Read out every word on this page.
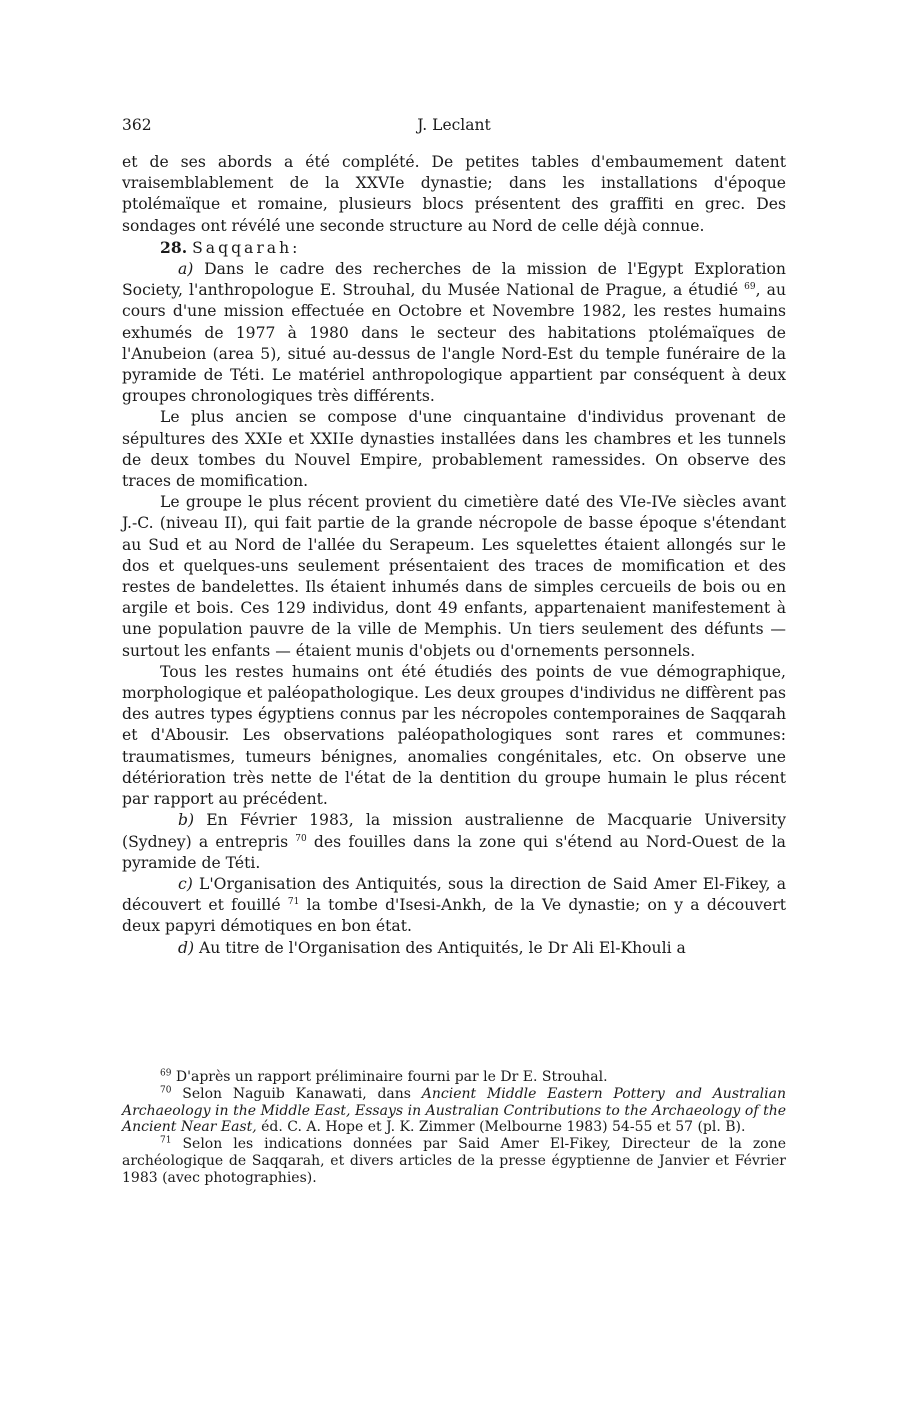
362	J. Leclant

et de ses abords a été complété. De petites tables d'embaumement datent vraisemblablement de la XXVIe dynastie; dans les installations d'époque ptolémaïque et romaine, plusieurs blocs présentent des graffiti en grec. Des sondages ont révélé une seconde structure au Nord de celle déjà connue.

28. Saqqarah:

a) Dans le cadre des recherches de la mission de l'Egypt Exploration Society, l'anthropologue E. Strouhal, du Musée National de Prague, a étudié $^{69}$, au cours d'une mission effectuée en Octobre et Novembre 1982, les restes humains exhumés de 1977 à 1980 dans le secteur des habitations ptolémaïques de l'Anubeion (area 5), situé au-dessus de l'angle Nord-Est du temple funéraire de la pyramide de Téti. Le matériel anthropologique appartient par conséquent à deux groupes chronologiques très différents.

Le plus ancien se compose d'une cinquantaine d'individus provenant de sépultures des XXIe et XXIIe dynasties installées dans les chambres et les tunnels de deux tombes du Nouvel Empire, probablement ramessides. On observe des traces de momification.

Le groupe le plus récent provient du cimetière daté des VIe-IVe siècles avant J.-C. (niveau II), qui fait partie de la grande nécropole de basse époque s'étendant au Sud et au Nord de l'allée du Serapeum. Les squelettes étaient allongés sur le dos et quelques-uns seulement présentaient des traces de momification et des restes de bandelettes. Ils étaient inhumés dans de simples cercueils de bois ou en argile et bois. Ces 129 individus, dont 49 enfants, appartenaient manifestement à une population pauvre de la ville de Memphis. Un tiers seulement des défunts — surtout les enfants — étaient munis d'objets ou d'ornements personnels.

Tous les restes humains ont été étudiés des points de vue démographique, morphologique et paléopathologique. Les deux groupes d'individus ne diffèrent pas des autres types égyptiens connus par les nécropoles contemporaines de Saqqarah et d'Abousir. Les observations paléopathologiques sont rares et communes: traumatismes, tumeurs bénignes, anomalies congénitales, etc. On observe une détérioration très nette de l'état de la dentition du groupe humain le plus récent par rapport au précédent.

b) En Février 1983, la mission australienne de Macquarie University (Sydney) a entrepris $^{70}$ des fouilles dans la zone qui s'étend au Nord-Ouest de la pyramide de Téti.

c) L'Organisation des Antiquités, sous la direction de Said Amer El-Fikey, a découvert et fouillé $^{71}$ la tombe d'Isesi-Ankh, de la Ve dynastie; on y a découvert deux papyri démotiques en bon état.

d) Au titre de l'Organisation des Antiquités, le Dr Ali El-Khouli a

$^{69}$ D'après un rapport préliminaire fourni par le Dr E. Strouhal.

$^{70}$ Selon Naguib Kanawati, dans Ancient Middle Eastern Pottery and Australian Archaeology in the Middle East, Essays in Australian Contributions to the Archaeology of the Ancient Near East, éd. C. A. Hope et J. K. Zimmer (Melbourne 1983) 54-55 et 57 (pl. B).

$^{71}$ Selon les indications données par Said Amer El-Fikey, Directeur de la zone archéologique de Saqqarah, et divers articles de la presse égyptienne de Janvier et Février 1983 (avec photographies).
